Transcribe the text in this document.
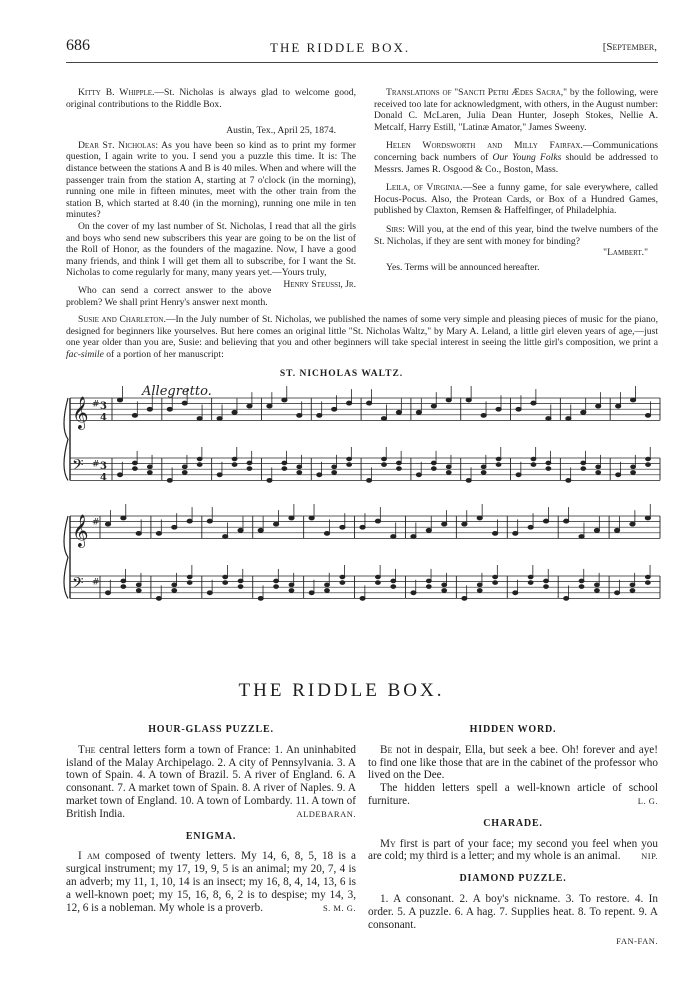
686	THE RIDDLE BOX.	[September,

Kitty B. Whipple.—St. Nicholas is always glad to welcome good, original contributions to the Riddle Box.

Austin, Tex., April 25, 1874.

Dear St. Nicholas: As you have been so kind as to print my former question, I again write to you. I send you a puzzle this time. It is: The distance between the stations A and B is 40 miles. When and where will the passenger train from the station A, starting at 7 o'clock (in the morning), running one mile in fifteen minutes, meet with the other train from the station B, which started at 8.40 (in the morning), running one mile in ten minutes?

On the cover of my last number of St. Nicholas, I read that all the girls and boys who send new subscribers this year are going to be on the list of the Roll of Honor, as the founders of the magazine. Now, I have a good many friends, and think I will get them all to subscribe, for I want the St. Nicholas to come regularly for many, many years yet.—Yours truly,
Henry Steussi, Jr.

Who can send a correct answer to the above problem? We shall print Henry's answer next month.

Translations of "Sancti Petri Ædes Sacra," by the following, were received too late for acknowledgment, with others, in the August number: Donald C. McLaren, Julia Dean Hunter, Joseph Stokes, Nellie A. Metcalf, Harry Estill, "Latinæ Amator," James Sweeny.

Helen Wordsworth and Milly Fairfax.—Communications concerning back numbers of Our Young Folks should be addressed to Messrs. James R. Osgood & Co., Boston, Mass.

Leila, of Virginia.—See a funny game, for sale everywhere, called Hocus-Pocus. Also, the Protean Cards, or Box of a Hundred Games, published by Claxton, Remsen & Haffelfinger, of Philadelphia.

Sirs: Will you, at the end of this year, bind the twelve numbers of the St. Nicholas, if they are sent with money for binding?

"Lambert."

Yes. Terms will be announced hereafter.

Susie and Charleton.—In the July number of St. Nicholas, we published the names of some very simple and pleasing pieces of music for the piano, designed for beginners like yourselves. But here comes an original little "St. Nicholas Waltz," by Mary A. Leland, a little girl eleven years of age,—just one year older than you are, Susie: and believing that you and other beginners will take special interest in seeing the little girl's composition, we print a fac-simile of a portion of her manuscript:

ST. NICHOLAS WALTZ.
𝄞 # 3
4
𝄢 # 3
4
𝄞 #
𝄢 #
Allegretto.
THE RIDDLE BOX.
HOUR-GLASS PUZZLE.

The central letters form a town of France: 1. An uninhabited island of the Malay Archipelago. 2. A city of Pennsylvania. 3. A town of Spain. 4. A town of Brazil. 5. A river of England. 6. A consonant. 7. A market town of Spain. 8. A river of Naples. 9. A market town of England. 10. A town of Lombardy. 11. A town of British India.	ALDEBARAN.

ENIGMA.

I am composed of twenty letters. My 14, 6, 8, 5, 18 is a surgical instrument; my 17, 19, 9, 5 is an animal; my 20, 7, 4 is an adverb; my 11, 1, 10, 14 is an insect; my 16, 8, 4, 14, 13, 6 is a well-known poet; my 15, 16, 8, 6, 2 is to despise; my 14, 3, 12, 6 is a nobleman. My whole is a proverb.	S. M. G.

HIDDEN WORD.

Be not in despair, Ella, but seek a bee. Oh! forever and aye! to find one like those that are in the cabinet of the professor who lived on the Dee.

The hidden letters spell a well-known article of school furniture.	L. G.

CHARADE.

My first is part of your face; my second you feel when you are cold; my third is a letter; and my whole is an animal.	NIP.

DIAMOND PUZZLE.

1. A consonant. 2. A boy's nickname. 3. To restore. 4. In order. 5. A puzzle. 6. A hag. 7. Supplies heat. 8. To repent. 9. A consonant.

FAN-FAN.
